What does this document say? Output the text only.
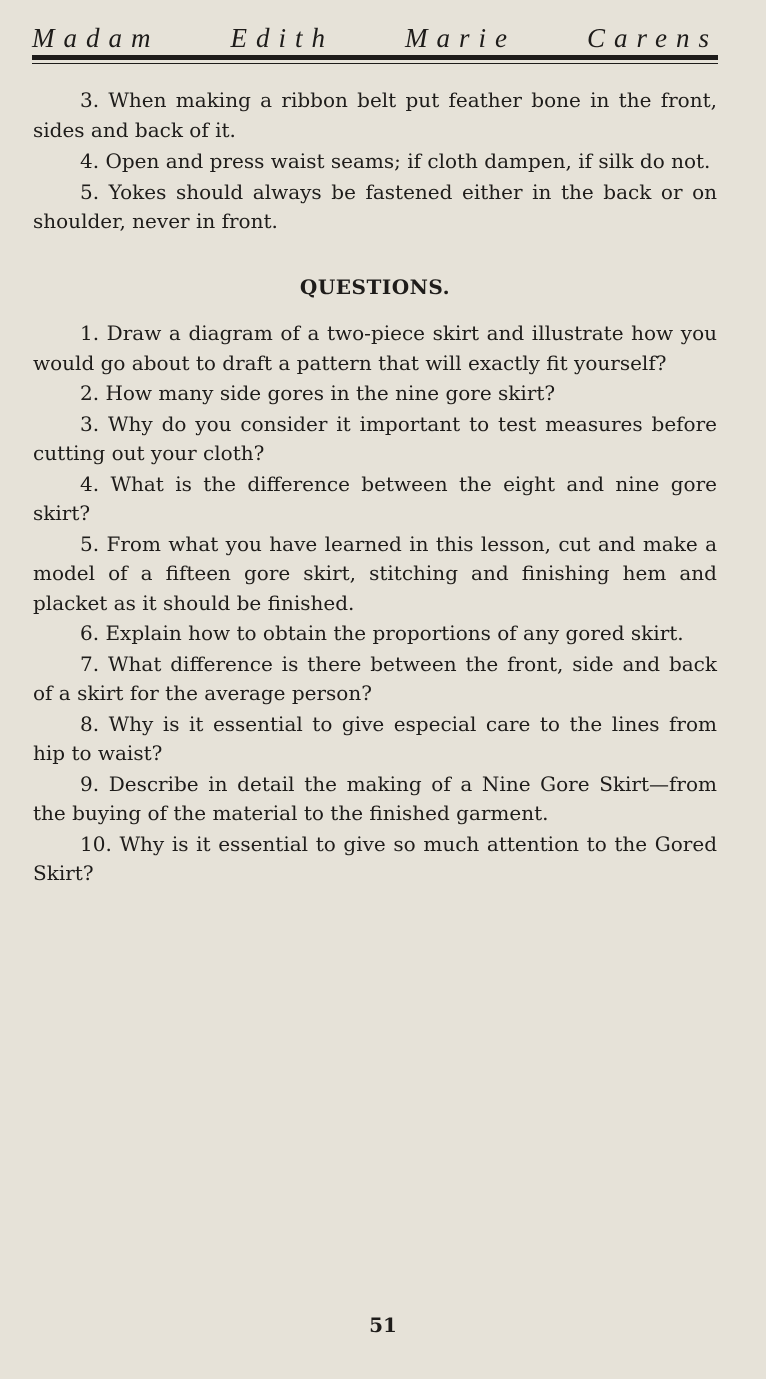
Madam	Edith	Marie	Carens

3. When making a ribbon belt put feather bone in the front, sides and back of it.

4. Open and press waist seams; if cloth dampen, if silk do not.

5. Yokes should always be fastened either in the back or on shoulder, never in front.

QUESTIONS.

1. Draw a diagram of a two-piece skirt and illustrate how you would go about to draft a pattern that will exactly fit yourself?

2. How many side gores in the nine gore skirt?

3. Why do you consider it important to test measures before cutting out your cloth?

4. What is the difference between the eight and nine gore skirt?

5. From what you have learned in this lesson, cut and make a model of a fifteen gore skirt, stitching and finishing hem and placket as it should be finished.

6. Explain how to obtain the proportions of any gored skirt.

7. What difference is there between the front, side and back of a skirt for the average person?

8. Why is it essential to give especial care to the lines from hip to waist?

9. Describe in detail the making of a Nine Gore Skirt—from the buying of the material to the finished garment.

10. Why is it essential to give so much attention to the Gored Skirt?

51
